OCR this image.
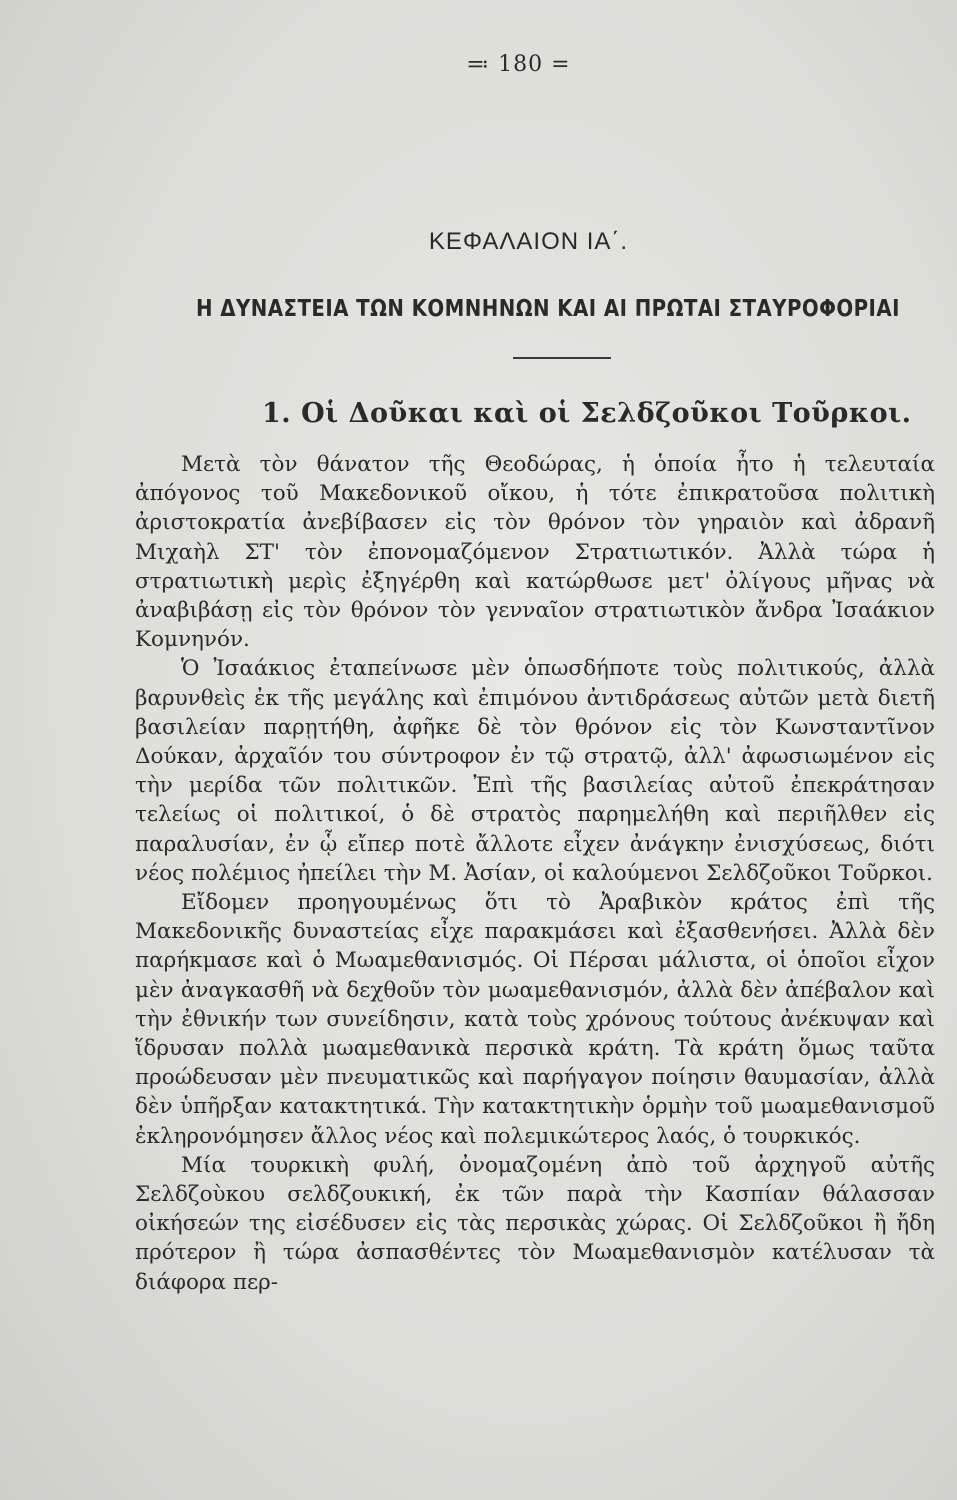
≕ 180 =
ΚΕΦΑΛΑΙΟΝ ΙΑ΄.
Η ΔΥΝΑΣΤΕΙΑ ΤΩΝ ΚΟΜΝΗΝΩΝ ΚΑΙ ΑΙ ΠΡΩΤΑΙ ΣΤΑΥΡΟΦΟΡΙΑΙ
1. Οἱ Δοῦκαι καὶ οἱ Σελδζοῦκοι Τοῦρκοι.

Μετὰ τὸν θάνατον τῆς Θεοδώρας, ἡ ὁποία ἦτο ἡ τελευταία ἀπόγονος τοῦ Μακεδονικοῦ οἴκου, ἡ τότε ἐπικρατοῦσα πολιτικὴ ἀριστοκρατία ἀνεβίβασεν εἰς τὸν θρόνον τὸν γηραιὸν καὶ ἀδρανῆ Μιχαὴλ ΣΤ' τὸν ἐπονομαζόμενον Στρατιωτικόν. Ἀλλὰ τώρα ἡ στρατιωτικὴ μερὶς ἐξηγέρθη καὶ κατώρθωσε μετ' ὀλίγους μῆνας νὰ ἀναβιβάσῃ εἰς τὸν θρόνον τὸν γενναῖον στρατιωτικὸν ἄνδρα Ἰσαάκιον Κομνηνόν.

Ὁ Ἰσαάκιος ἐταπείνωσε μὲν ὁπωσδήποτε τοὺς πολιτικούς, ἀλλὰ βαρυνθεὶς ἐκ τῆς μεγάλης καὶ ἐπιμόνου ἀντιδράσεως αὐτῶν μετὰ διετῆ βασιλείαν παρῃτήθη, ἀφῆκε δὲ τὸν θρόνον εἰς τὸν Κωνσταντῖνον Δούκαν, ἀρχαῖόν του σύντροφον ἐν τῷ στρατῷ, ἀλλ' ἀφωσιωμένον εἰς τὴν μερίδα τῶν πολιτικῶν. Ἐπὶ τῆς βασιλείας αὐτοῦ ἐπεκράτησαν τελείως οἱ πολιτικοί, ὁ δὲ στρατὸς παρημελήθη καὶ περιῆλθεν εἰς παραλυσίαν, ἐν ᾧ εἴπερ ποτὲ ἄλλοτε εἶχεν ἀνάγκην ἐνισχύσεως, διότι νέος πολέμιος ἠπείλει τὴν Μ. Ἀσίαν, οἱ καλούμενοι Σελδζοῦκοι Τοῦρκοι.

Εἴδομεν προηγουμένως ὅτι τὸ Ἀραβικὸν κράτος ἐπὶ τῆς Μακεδονικῆς δυναστείας εἶχε παρακμάσει καὶ ἐξασθενήσει. Ἀλλὰ δὲν παρήκμασε καὶ ὁ Μωαμεθανισμός. Οἱ Πέρσαι μάλιστα, οἱ ὁποῖοι εἶχον μὲν ἀναγκασθῆ νὰ δεχθοῦν τὸν μωαμεθανισμόν, ἀλλὰ δὲν ἀπέβαλον καὶ τὴν ἐθνικήν των συνείδησιν, κατὰ τοὺς χρόνους τούτους ἀνέκυψαν καὶ ἵδρυσαν πολλὰ μωαμεθανικὰ περσικὰ κράτη. Τὰ κράτη ὅμως ταῦτα προώδευσαν μὲν πνευματικῶς καὶ παρήγαγον ποίησιν θαυμασίαν, ἀλλὰ δὲν ὑπῆρξαν κατακτητικά. Τὴν κατακτητικὴν ὁρμὴν τοῦ μωαμεθανισμοῦ ἐκληρονόμησεν ἄλλος νέος καὶ πολεμικώτερος λαός, ὁ τουρκικός.

Μία τουρκικὴ φυλή, ὀνομαζομένη ἀπὸ τοῦ ἀρχηγοῦ αὐτῆς Σελδζοὺκου σελδζουκική, ἐκ τῶν παρὰ τὴν Κασπίαν θάλασσαν οἰκήσεών της εἰσέδυσεν εἰς τὰς περσικὰς χώρας. Οἱ Σελδζοῦκοι ἢ ἤδη πρότερον ἢ τώρα ἀσπασθέντες τὸν Μωαμεθανισμὸν κατέλυσαν τὰ διάφορα περ-
